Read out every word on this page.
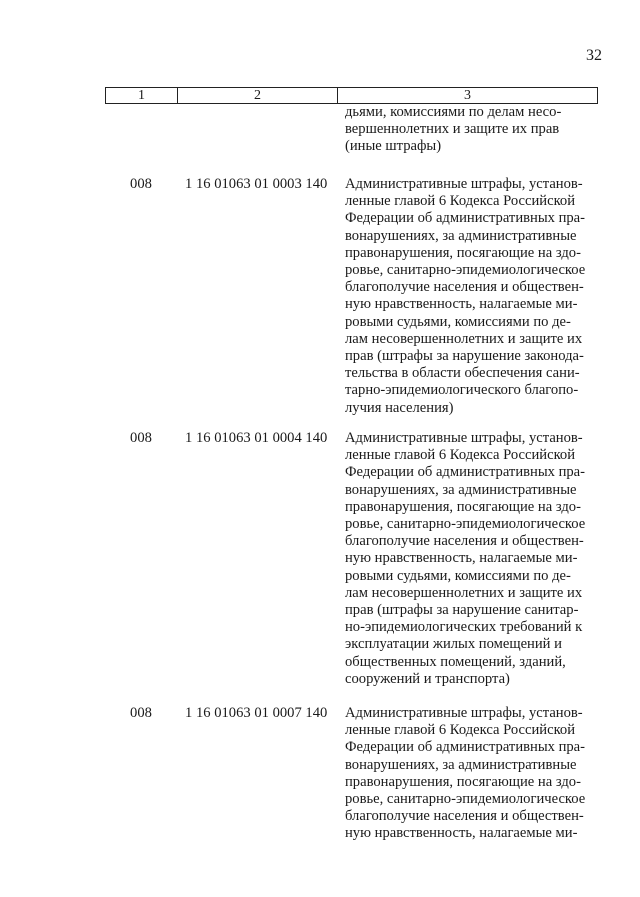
32
1	2	3
дьями, комиссиями по делам несо-
вершеннолетних и защите их прав
(иные штрафы)
008	1 16 01063 01 0003 140	Административные штрафы, установ-
ленные главой 6 Кодекса Российской
Федерации об административных пра-
вонарушениях, за административные
правонарушения, посягающие на здо-
ровье, санитарно-эпидемиологическое
благополучие населения и обществен-
ную нравственность, налагаемые ми-
ровыми судьями, комиссиями по де-
лам несовершеннолетних и защите их
прав (штрафы за нарушение законода-
тельства в области обеспечения сани-
тарно-эпидемиологического благопо-
лучия населения)
008	1 16 01063 01 0004 140	Административные штрафы, установ-
ленные главой 6 Кодекса Российской
Федерации об административных пра-
вонарушениях, за административные
правонарушения, посягающие на здо-
ровье, санитарно-эпидемиологическое
благополучие населения и обществен-
ную нравственность, налагаемые ми-
ровыми судьями, комиссиями по де-
лам несовершеннолетних и защите их
прав (штрафы за нарушение санитар-
но-эпидемиологических требований к
эксплуатации жилых помещений и
общественных помещений, зданий,
сооружений и транспорта)
008	1 16 01063 01 0007 140	Административные штрафы, установ-
ленные главой 6 Кодекса Российской
Федерации об административных пра-
вонарушениях, за административные
правонарушения, посягающие на здо-
ровье, санитарно-эпидемиологическое
благополучие населения и обществен-
ную нравственность, налагаемые ми-
